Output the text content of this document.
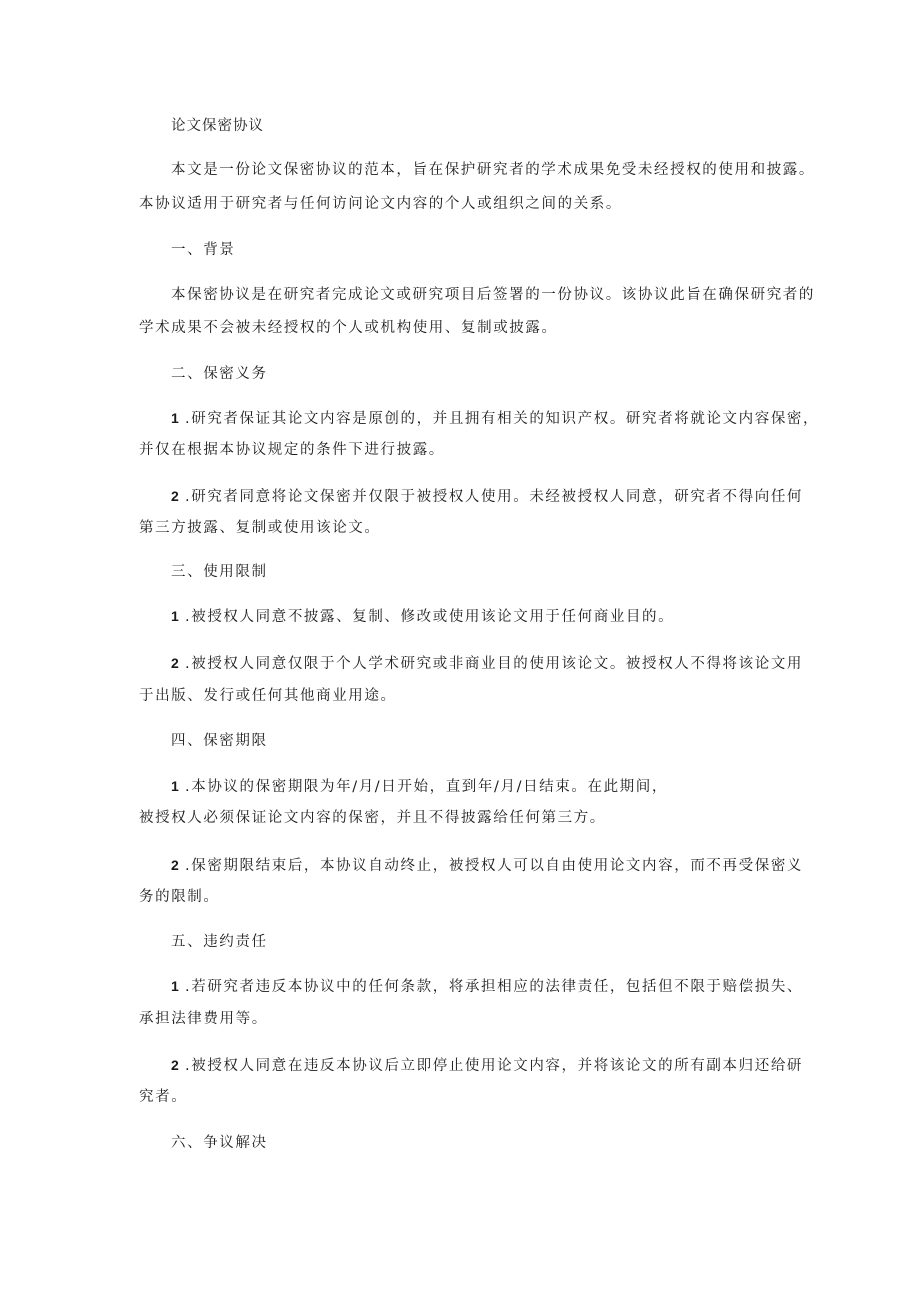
论文保密协议
本文是一份论文保密协议的范本，旨在保护研究者的学术成果免受未经授权的使用和披露。
本协议适用于研究者与任何访问论文内容的个人或组织之间的关系。
一、背景
本保密协议是在研究者完成论文或研究项目后签署的一份协议。该协议此旨在确保研究者的
学术成果不会被未经授权的个人或机构使用、复制或披露。
二、保密义务
1 .研究者保证其论文内容是原创的，并且拥有相关的知识产权。研究者将就论文内容保密，
并仅在根据本协议规定的条件下进行披露。
2 .研究者同意将论文保密并仅限于被授权人使用。未经被授权人同意，研究者不得向任何
第三方披露、复制或使用该论文。
三、使用限制
1 .被授权人同意不披露、复制、修改或使用该论文用于任何商业目的。
2 .被授权人同意仅限于个人学术研究或非商业目的使用该论文。被授权人不得将该论文用
于出版、发行或任何其他商业用途。
四、保密期限
1 .本协议的保密期限为年/月/日开始，直到年/月/日结束。在此期间，
被授权人必须保证论文内容的保密，并且不得披露给任何第三方。
2 .保密期限结束后，本协议自动终止，被授权人可以自由使用论文内容，而不再受保密义
务的限制。
五、违约责任
1 .若研究者违反本协议中的任何条款，将承担相应的法律责任，包括但不限于赔偿损失、
承担法律费用等。
2 .被授权人同意在违反本协议后立即停止使用论文内容，并将该论文的所有副本归还给研
究者。
六、争议解决
